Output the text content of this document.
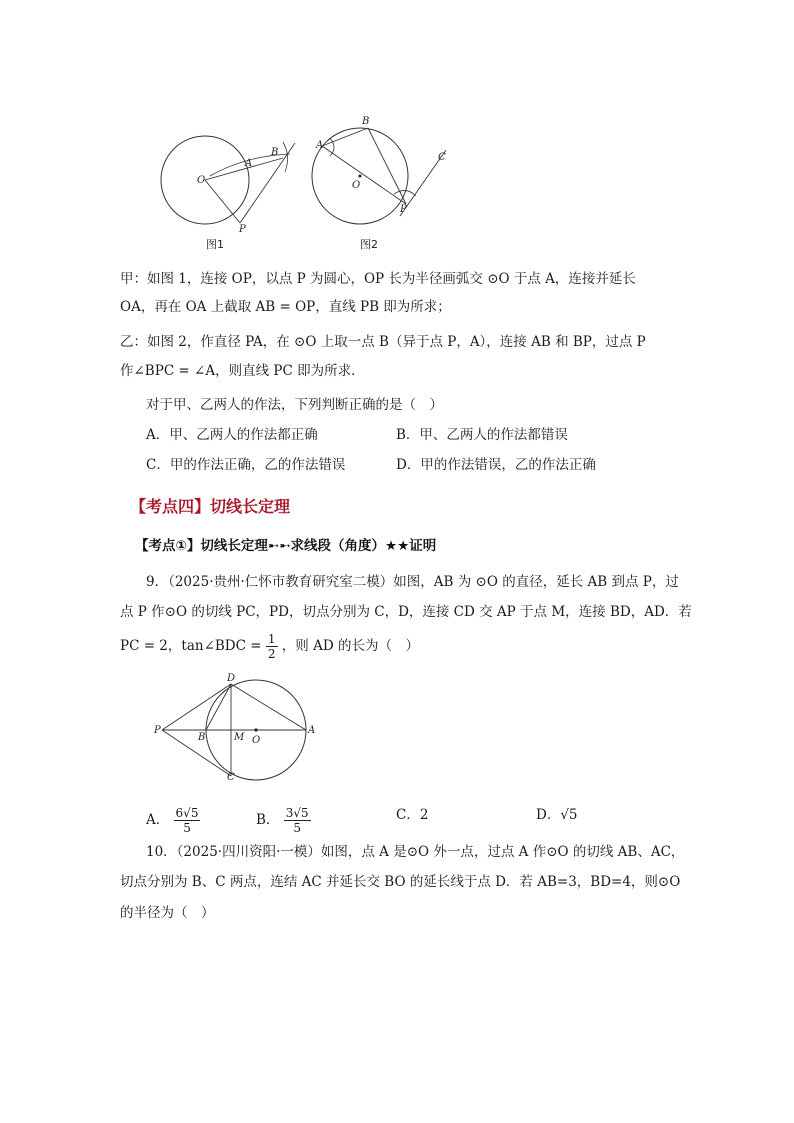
O
A
B
P
图1
A
B
O
P
C
图2
甲：如图 1，连接 OP，以点 P 为圆心，OP 长为半径画弧交 ⊙O 于点 A，连接并延长
OA，再在 OA 上截取 AB = OP，直线 PB 即为所求；
乙：如图 2，作直径 PA，在 ⊙O 上取一点 B（异于点 P，A），连接 AB 和 BP，过点 P
作∠BPC = ∠A，则直线 PC 即为所求．
对于甲、乙两人的作法，下列判断正确的是（　）
A．甲、乙两人的作法都正确	B．甲、乙两人的作法都错误
C．甲的作法正确，乙的作法错误	D．甲的作法错误，乙的作法正确
【考点四】切线长定理
【考点①】切线长定理➸➸求线段（角度）★★证明
9．（2025·贵州·仁怀市教育研究室二模）如图，AB 为 ⊙O 的直径，延长 AB 到点 P，过
点 P 作⊙O 的切线 PC，PD，切点分别为 C，D，连接 CD 交 AP 于点 M，连接 BD，AD．若
PC = 2，tan∠BDC = $\frac{1}{2}$ ，则 AD 的长为（　）
D
P
B	M O
A
C
A． $\frac{6√5}{5}$	B． $\frac{3√5}{5}$	C．2	D．√5
10．（2025·四川资阳·一模）如图，点 A 是⊙O 外一点，过点 A 作⊙O 的切线 AB、AC，
切点分别为 B、C 两点，连结 AC 并延长交 BO 的延长线于点 D．若 AB=3，BD=4，则⊙O
的半径为（　）
